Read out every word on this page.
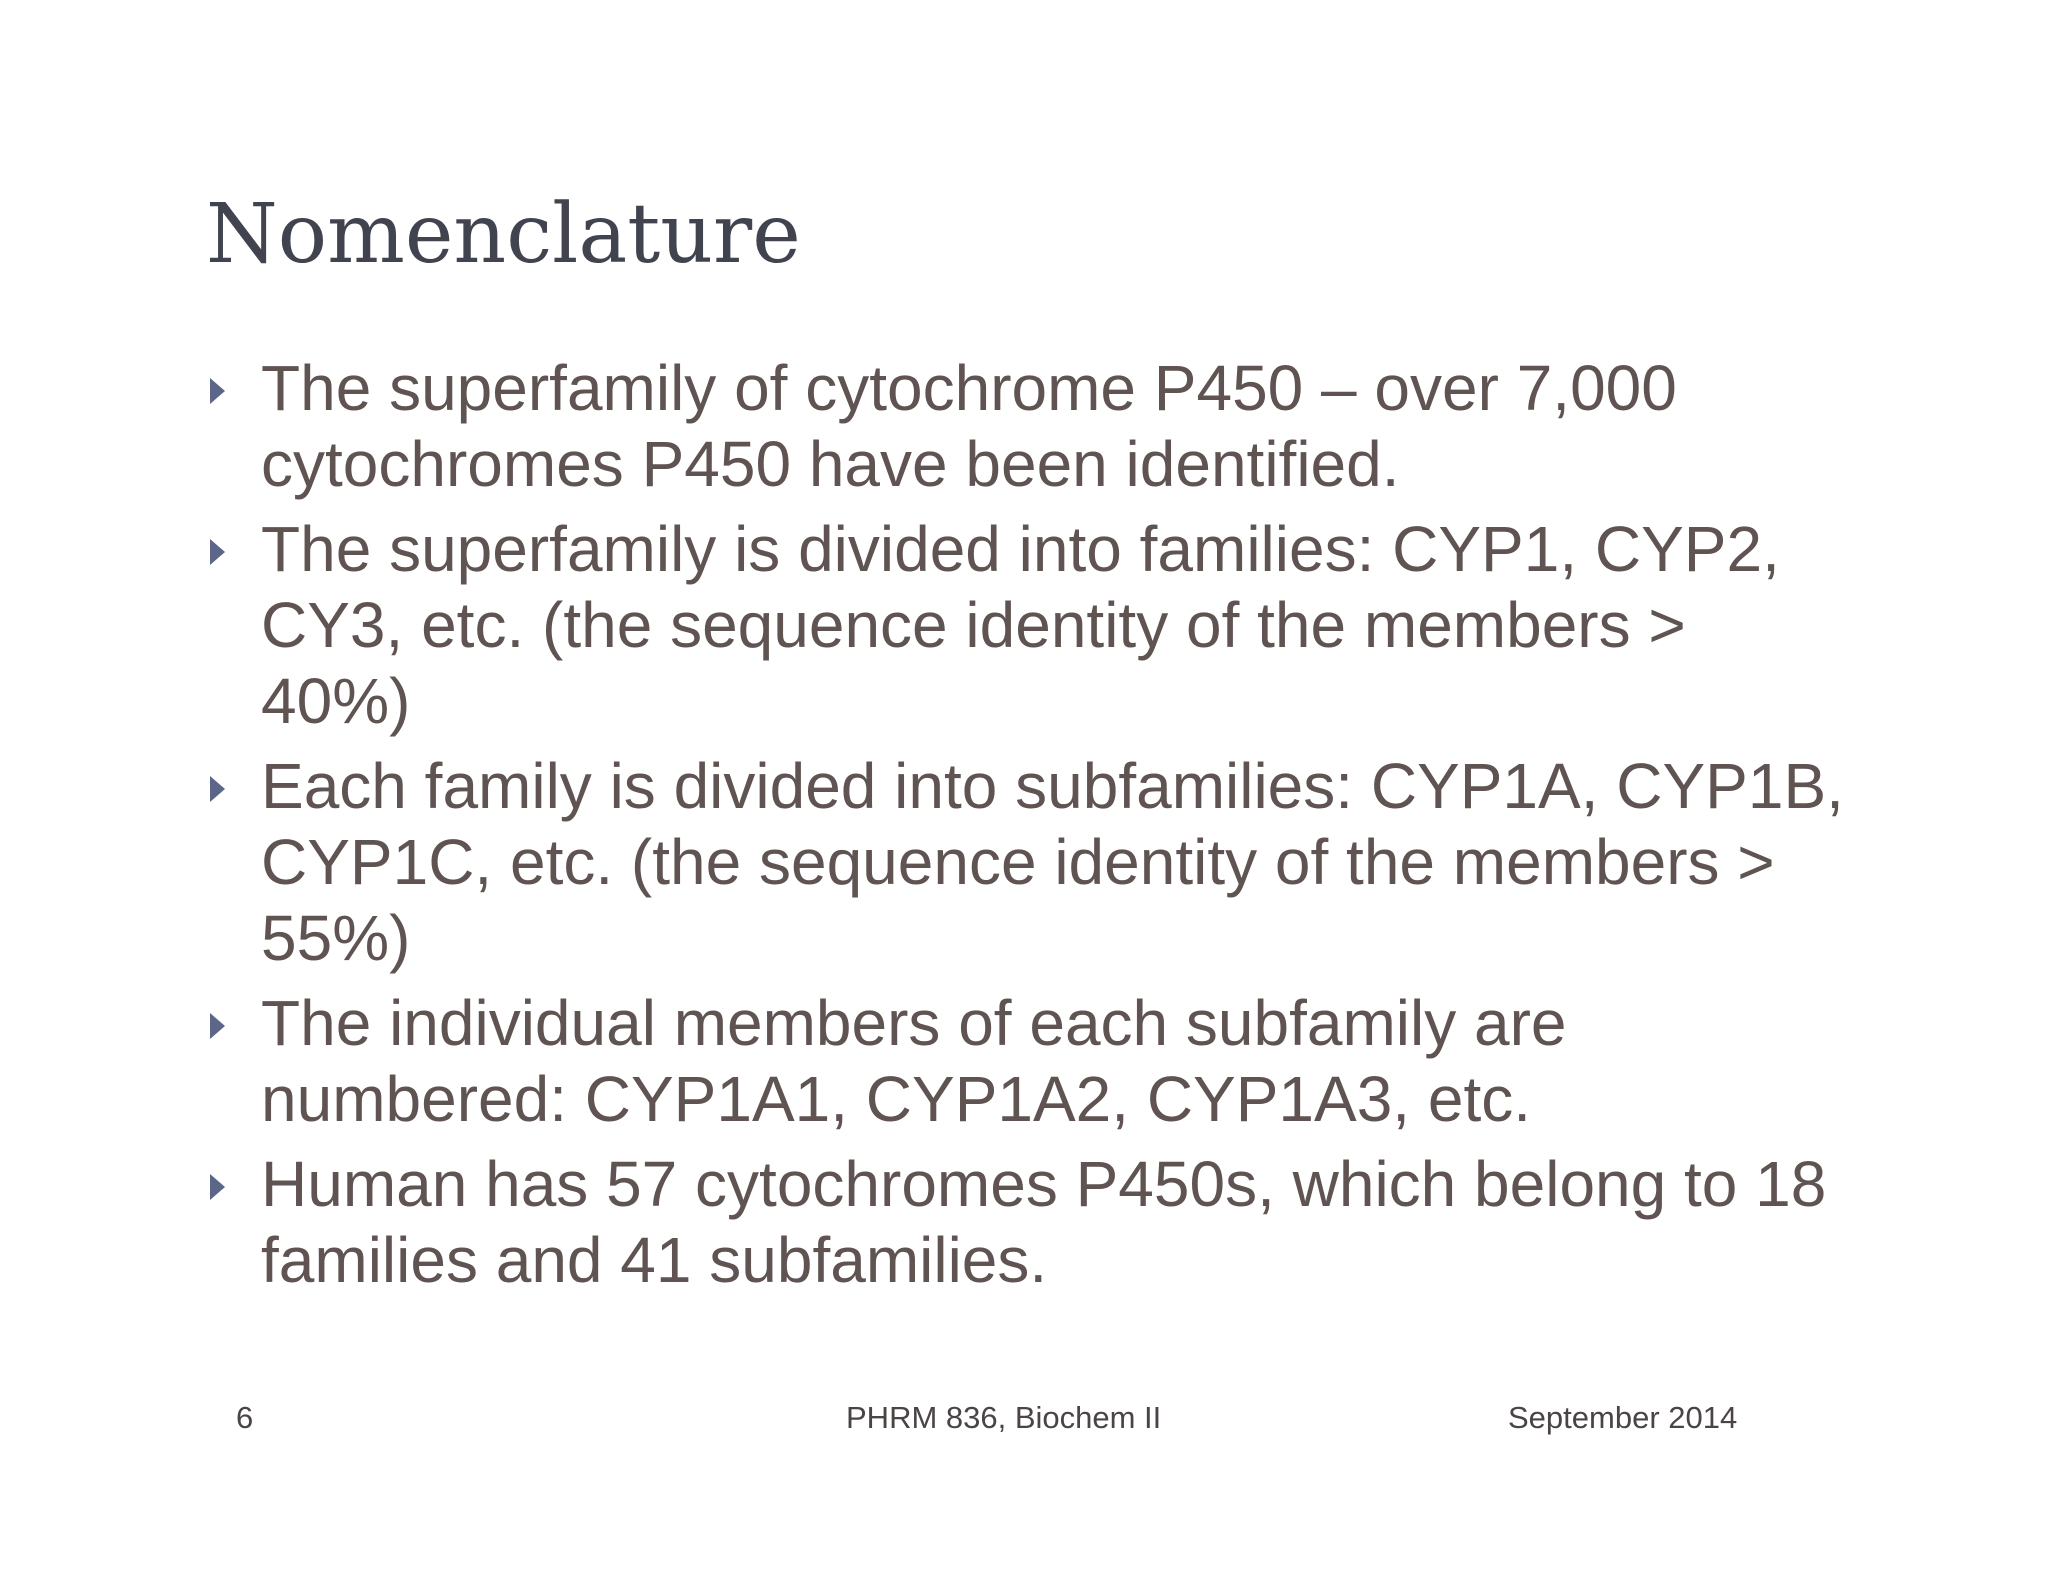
Nomenclature
The superfamily of cytochrome P450 – over 7,000 cytochromes P450 have been identified.
The superfamily is divided into families: CYP1, CYP2, CY3, etc. (the sequence identity of the members > 40%)
Each family is divided into subfamilies: CYP1A, CYP1B, CYP1C, etc. (the sequence identity of the members > 55%)
The individual members of each subfamily are numbered: CYP1A1, CYP1A2, CYP1A3, etc.
Human has 57 cytochromes P450s, which belong to 18 families and 41 subfamilies.
6	PHRM 836, Biochem II	September 2014
